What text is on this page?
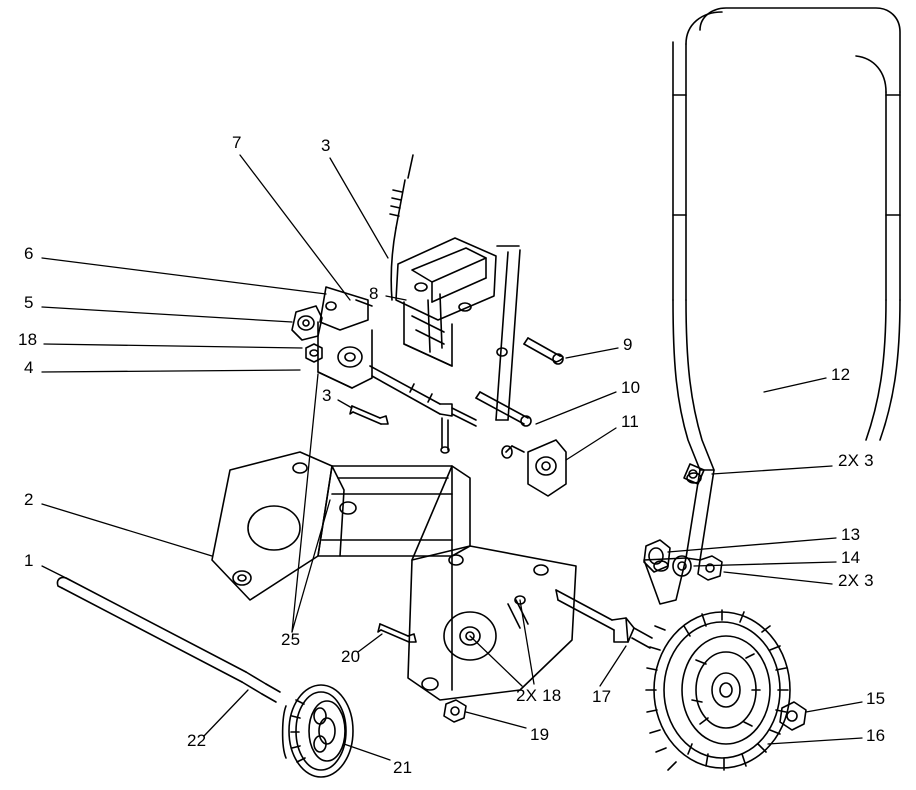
7	3
6
5
18
4
8
9
10
11
12
2X 3
3
13
14
2X 3
2
1
25
20
2X 18 17	15
16
19
22
21
